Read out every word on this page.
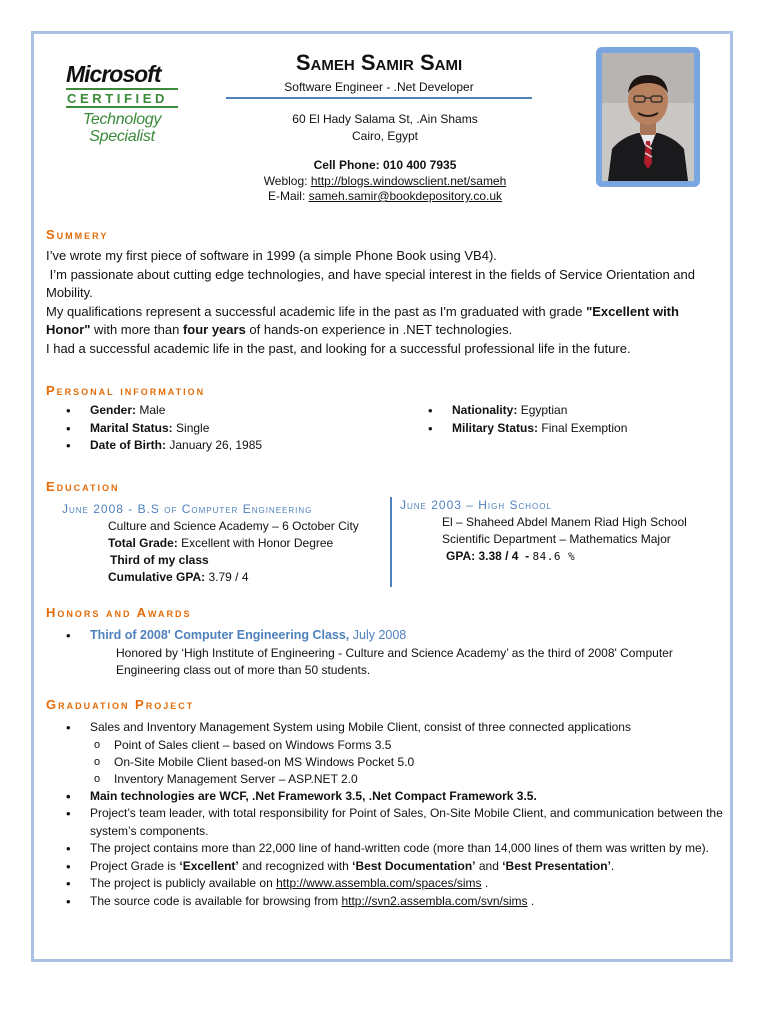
Microsoft
CERTIFIED
Technology
Specialist
Sameh Samir Sami
Software Engineer - .Net Developer
60 El Hady Salama St, .Ain Shams
Cairo, Egypt
Cell Phone: 010 400 7935
Weblog: http://blogs.windowsclient.net/sameh
E-Mail: sameh.samir@bookdepository.co.uk
Summery
I’ve wrote my first piece of software in 1999 (a simple Phone Book using VB4).
I’m passionate about cutting edge technologies, and have special interest in the fields of Service Orientation and Mobility.
My qualifications represent a successful academic life in the past as I'm graduated with grade "Excellent with Honor" with more than four years of hands-on experience in .NET technologies.
I had a successful academic life in the past, and looking for a successful professional life in the future.
Personal information
• Gender: Male
• Marital Status: Single
• Date of Birth: January 26, 1985
• Nationality: Egyptian
• Military Status: Final Exemption
Education
June 2008 - B.S of Computer Engineering
Culture and Science Academy – 6 October City
Total Grade: Excellent with Honor Degree
Third of my class
Cumulative GPA: 3.79 / 4
June 2003 – High School
El – Shaheed Abdel Manem Riad High School
Scientific Department – Mathematics Major
GPA: 3.38 / 4  - 84.6 %
Honors and Awards
• Third of 2008' Computer Engineering Class, July 2008
Honored by ‘High Institute of Engineering - Culture and Science Academy’ as the third of 2008' Computer Engineering class out of more than 50 students.
Graduation Project
• Sales and Inventory Management System using Mobile Client, consist of three connected applications
o Point of Sales client – based on Windows Forms 3.5
o On-Site Mobile Client based-on MS Windows Pocket 5.0
o Inventory Management Server – ASP.NET 2.0
• Main technologies are WCF, .Net Framework 3.5, .Net Compact Framework 3.5.
• Project’s team leader, with total responsibility for Point of Sales, On-Site Mobile Client, and communication between the system’s components.
• The project contains more than 22,000 line of hand-written code (more than 14,000 lines of them was written by me).
• Project Grade is ‘Excellent’ and recognized with ‘Best Documentation’ and ‘Best Presentation’.
• The project is publicly available on http://www.assembla.com/spaces/sims .
• The source code is available for browsing from http://svn2.assembla.com/svn/sims .
